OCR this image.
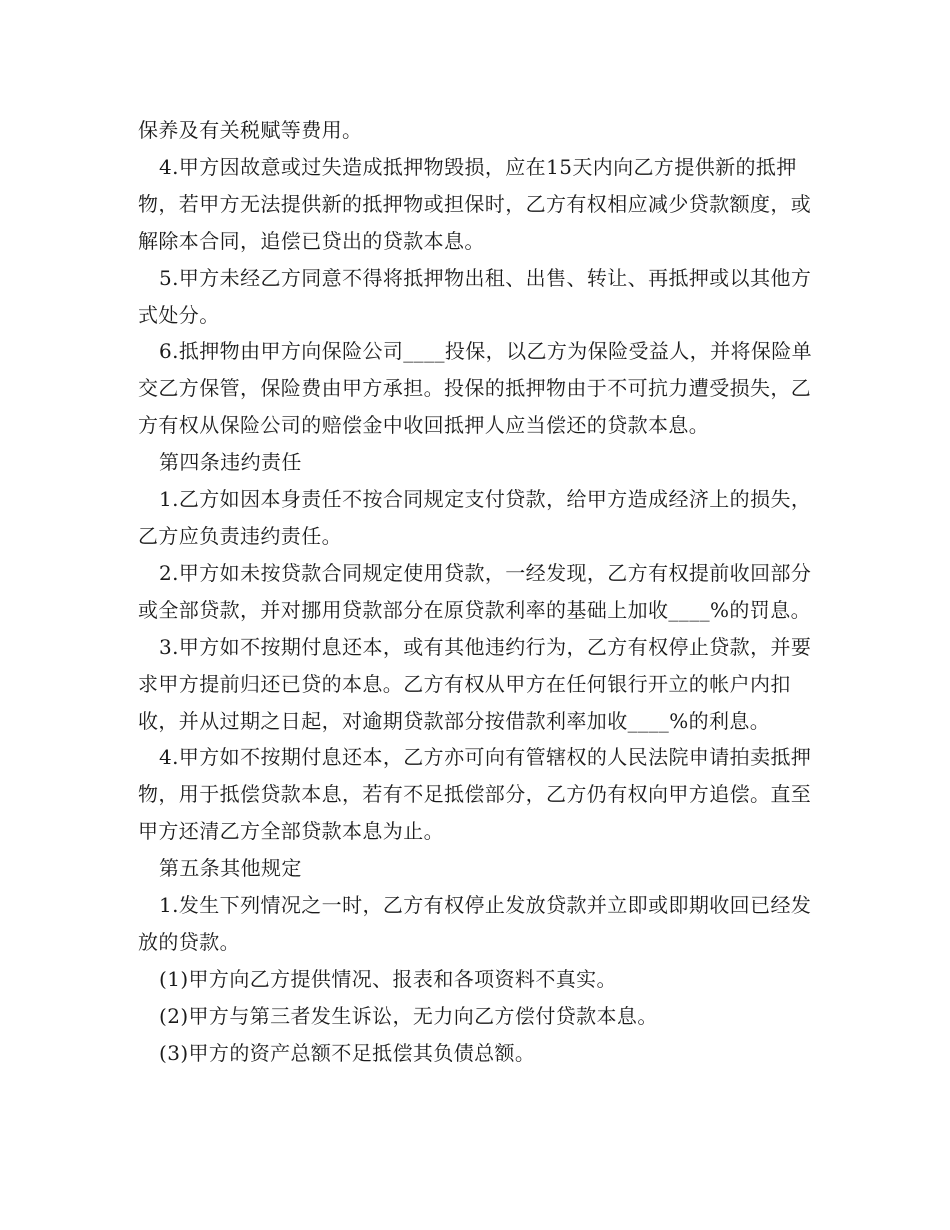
保养及有关税赋等费用。

4.甲方因故意或过失造成抵押物毁损，应在15天内向乙方提供新的抵押物，若甲方无法提供新的抵押物或担保时，乙方有权相应减少贷款额度，或解除本合同，追偿已贷出的贷款本息。

5.甲方未经乙方同意不得将抵押物出租、出售、转让、再抵押或以其他方式处分。

6.抵押物由甲方向保险公司____投保，以乙方为保险受益人，并将保险单交乙方保管，保险费由甲方承担。投保的抵押物由于不可抗力遭受损失，乙方有权从保险公司的赔偿金中收回抵押人应当偿还的贷款本息。

第四条违约责任

1.乙方如因本身责任不按合同规定支付贷款，给甲方造成经济上的损失，乙方应负责违约责任。

2.甲方如未按贷款合同规定使用贷款，一经发现，乙方有权提前收回部分或全部贷款，并对挪用贷款部分在原贷款利率的基础上加收____%的罚息。

3.甲方如不按期付息还本，或有其他违约行为，乙方有权停止贷款，并要求甲方提前归还已贷的本息。乙方有权从甲方在任何银行开立的帐户内扣收，并从过期之日起，对逾期贷款部分按借款利率加收____%的利息。

4.甲方如不按期付息还本，乙方亦可向有管辖权的人民法院申请拍卖抵押物，用于抵偿贷款本息，若有不足抵偿部分，乙方仍有权向甲方追偿。直至甲方还清乙方全部贷款本息为止。

第五条其他规定

1.发生下列情况之一时，乙方有权停止发放贷款并立即或即期收回已经发放的贷款。

(1)甲方向乙方提供情况、报表和各项资料不真实。

(2)甲方与第三者发生诉讼，无力向乙方偿付贷款本息。

(3)甲方的资产总额不足抵偿其负债总额。
